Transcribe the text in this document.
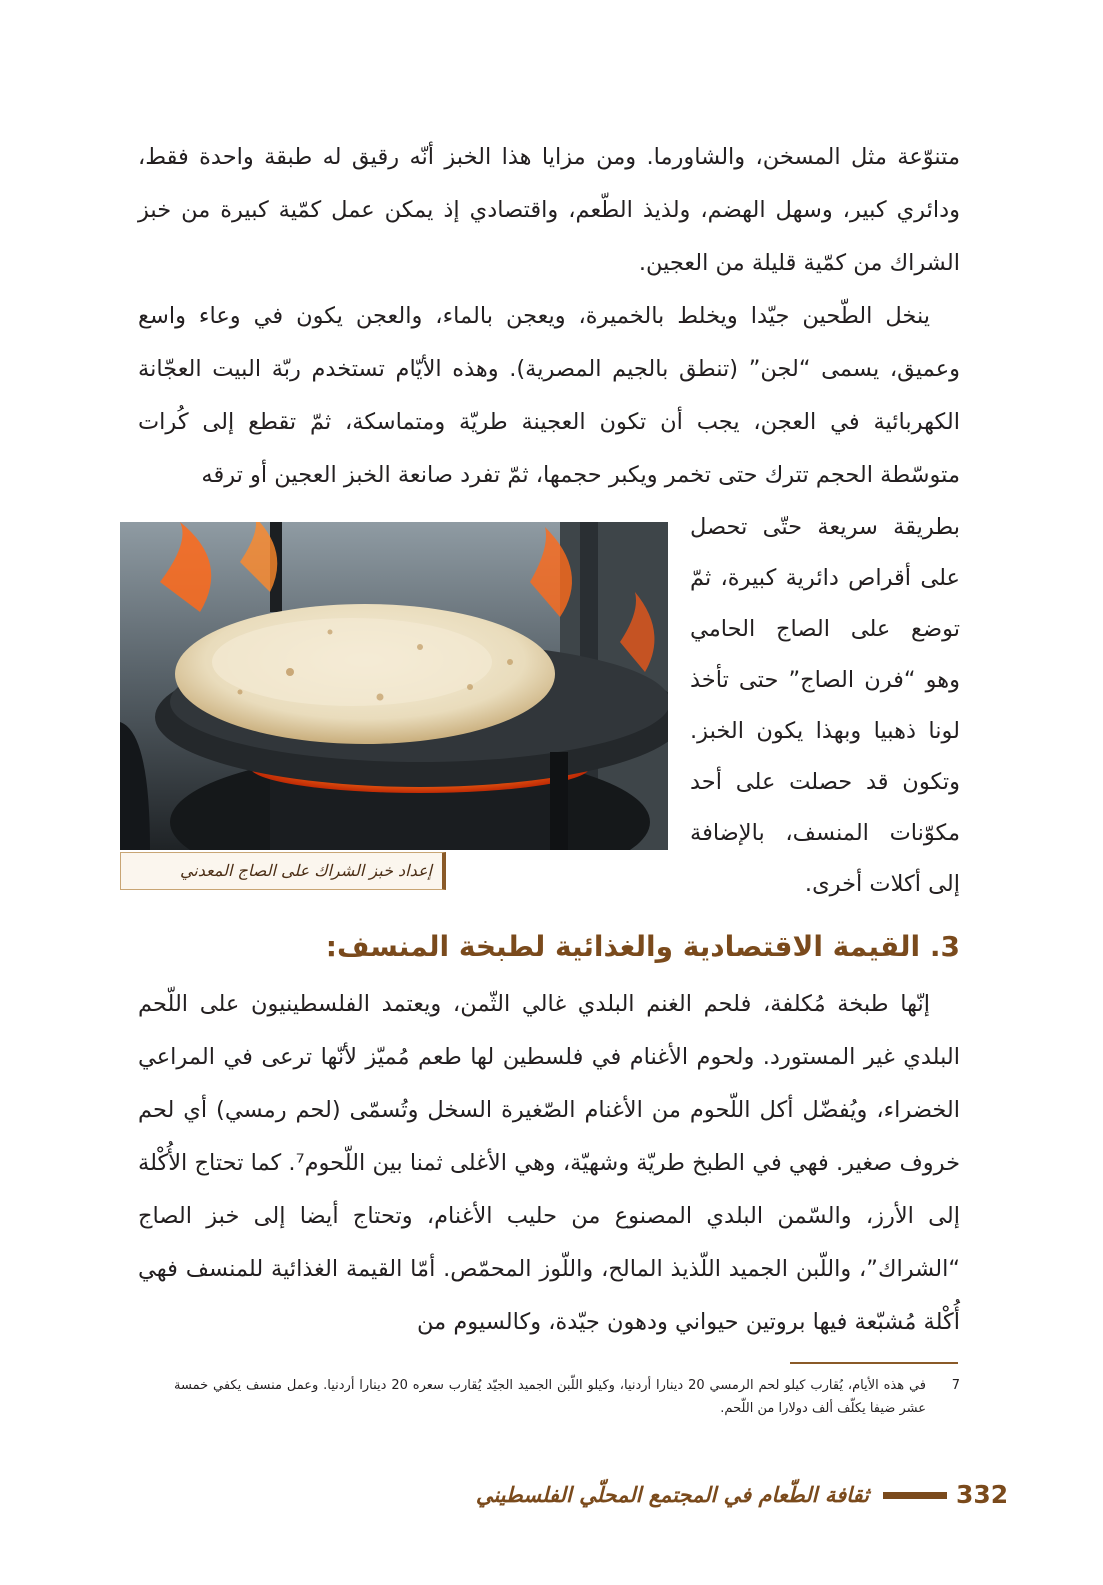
متنوّعة مثل المسخن، والشاورما. ومن مزايا هذا الخبز أنّه رقيق له طبقة واحدة فقط، ودائري كبير، وسهل الهضم، ولذيذ الطّعم، واقتصادي إذ يمكن عمل كمّية كبيرة من خبز الشراك من كمّية قليلة من العجين.

ينخل الطّحين جيّدا ويخلط بالخميرة، ويعجن بالماء، والعجن يكون في وعاء واسع وعميق، يسمى “لجن” (تنطق بالجيم المصرية). وهذه الأيّام تستخدم ربّة البيت العجّانة الكهربائية في العجن، يجب أن تكون العجينة طريّة ومتماسكة، ثمّ تقطع إلى كُرات متوسّطة الحجم تترك حتى تخمر ويكبر حجمها، ثمّ تفرد صانعة الخبز العجين أو ترقه

بطريقة سريعة حتّى تحصل على أقراص دائرية كبيرة، ثمّ توضع على الصاج الحامي وهو “فرن الصاج” حتى تأخذ لونا ذهبيا وبهذا يكون الخبز. وتكون قد حصلت على أحد مكوّنات المنسف، بالإضافة إلى أكلات أخرى.

إعداد خبز الشراك على الصاج المعدني
3. القيمة الاقتصادية والغذائية لطبخة المنسف:

إنّها طبخة مُكلفة، فلحم الغنم البلدي غالي الثّمن، ويعتمد الفلسطينيون على اللّحم البلدي غير المستورد. ولحوم الأغنام في فلسطين لها طعم مُميّز لأنّها ترعى في المراعي الخضراء، ويُفضّل أكل اللّحوم من الأغنام الصّغيرة السخل وتُسمّى (لحم رمسي) أي لحم خروف صغير. فهي في الطبخ طريّة وشهيّة، وهي الأغلى ثمنا بين اللّحوم⁷. كما تحتاج الأُكْلة إلى الأرز، والسّمن البلدي المصنوع من حليب الأغنام، وتحتاج أيضا إلى خبز الصاج “الشراك”، واللّبن الجميد اللّذيذ المالح، واللّوز المحمّص. أمّا القيمة الغذائية للمنسف فهي أُكْلة مُشبّعة فيها بروتين حيواني ودهون جيّدة، وكالسيوم من

7في هذه الأيام، يُقارب كيلو لحم الرمسي 20 دينارا أردنيا، وكيلو اللّبن الجميد الجيّد يُقارب سعره 20 دينارا أردنيا. وعمل منسف يكفي خمسة عشر ضيفا يكلّف ألف دولارا من اللّحم.
ثقافة الطّعام في المجتمع المحلّي الفلسطيني	332
